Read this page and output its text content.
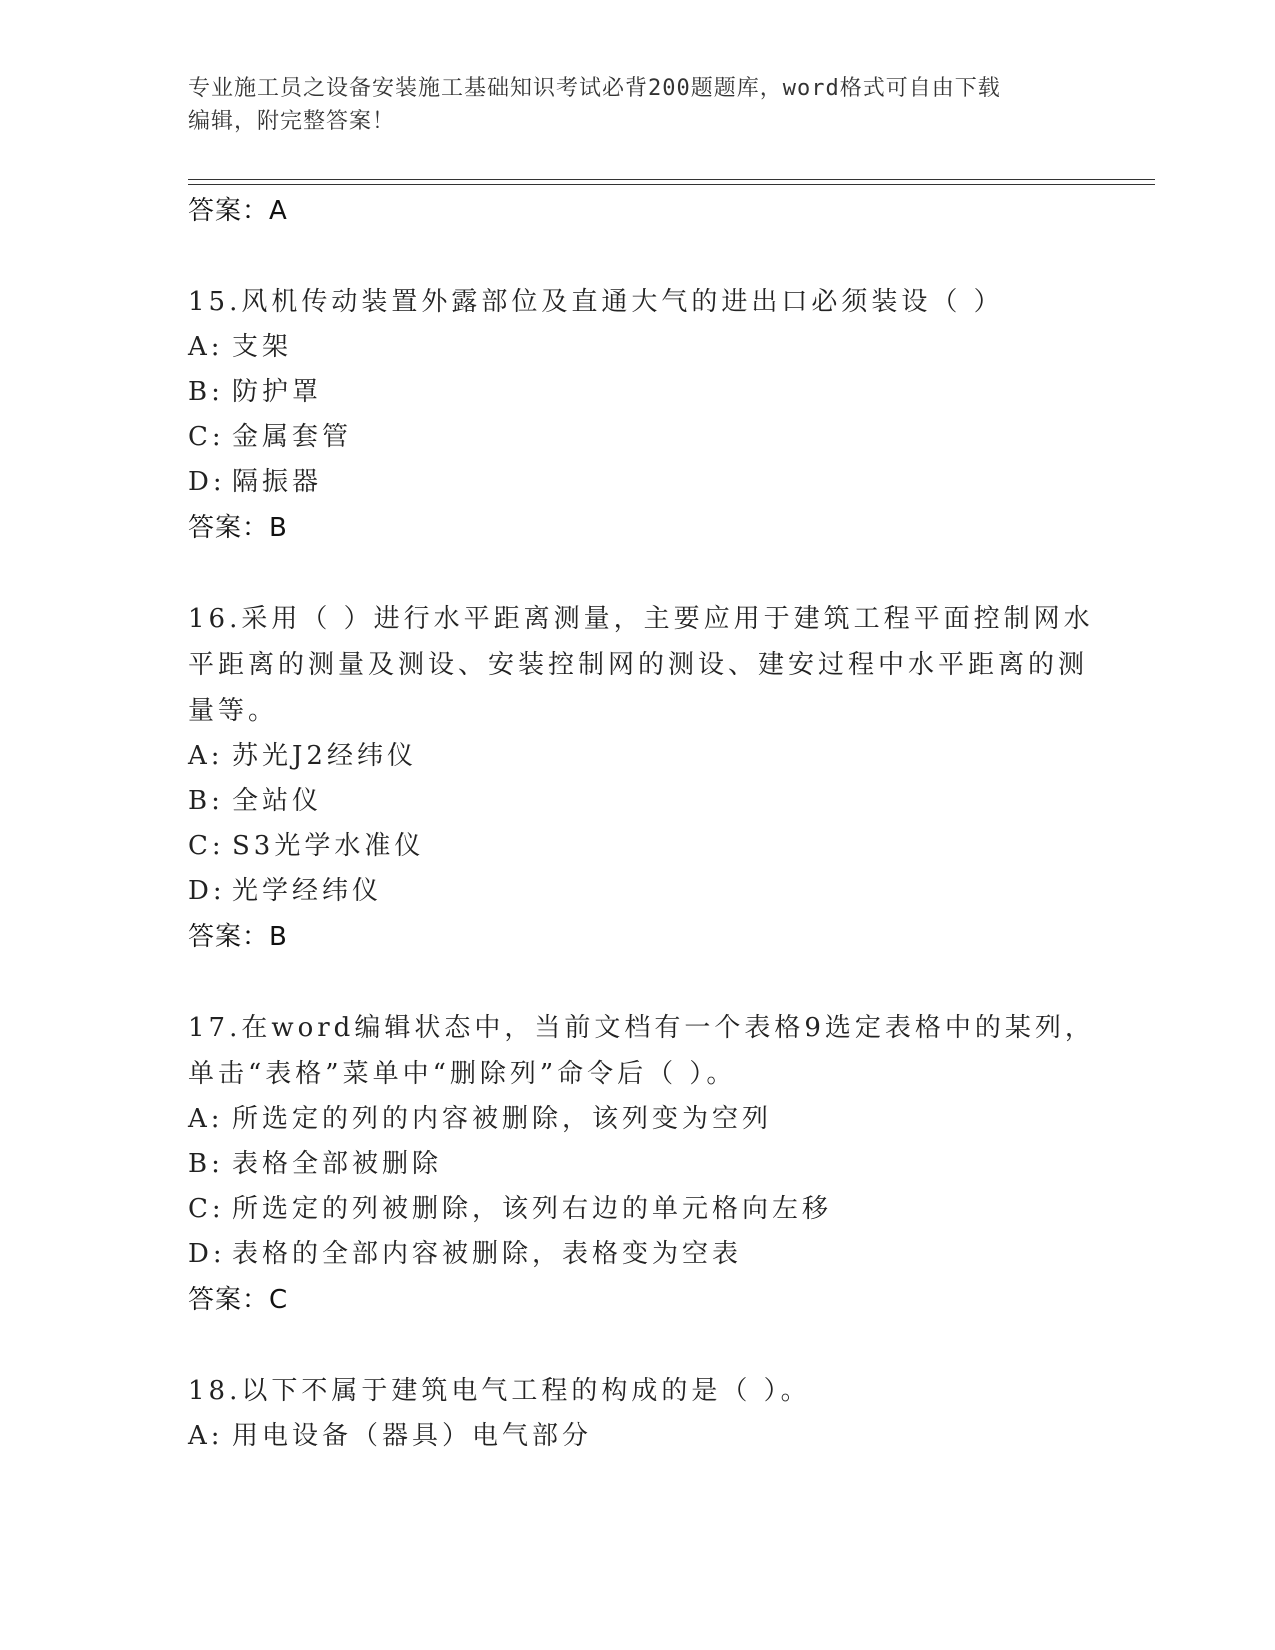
专业施工员之设备安装施工基础知识考试必背200题题库，word格式可自由下载
编辑，附完整答案！
答案：A
15.风机传动装置外露部位及直通大气的进出口必须装设（ ）
A: 支架
B: 防护罩
C: 金属套管
D: 隔振器
答案：B
16.采用（ ）进行水平距离测量，主要应用于建筑工程平面控制网水
平距离的测量及测设、安装控制网的测设、建安过程中水平距离的测
量等。
A: 苏光J2经纬仪
B: 全站仪
C: S3光学水准仪
D: 光学经纬仪
答案：B
17.在word编辑状态中，当前文档有一个表格9选定表格中的某列，
单击“表格”菜单中“删除列”命令后（ ）。
A: 所选定的列的内容被删除，该列变为空列
B: 表格全部被删除
C: 所选定的列被删除，该列右边的单元格向左移
D: 表格的全部内容被删除，表格变为空表
答案：C
18.以下不属于建筑电气工程的构成的是（ ）。
A: 用电设备（器具）电气部分
